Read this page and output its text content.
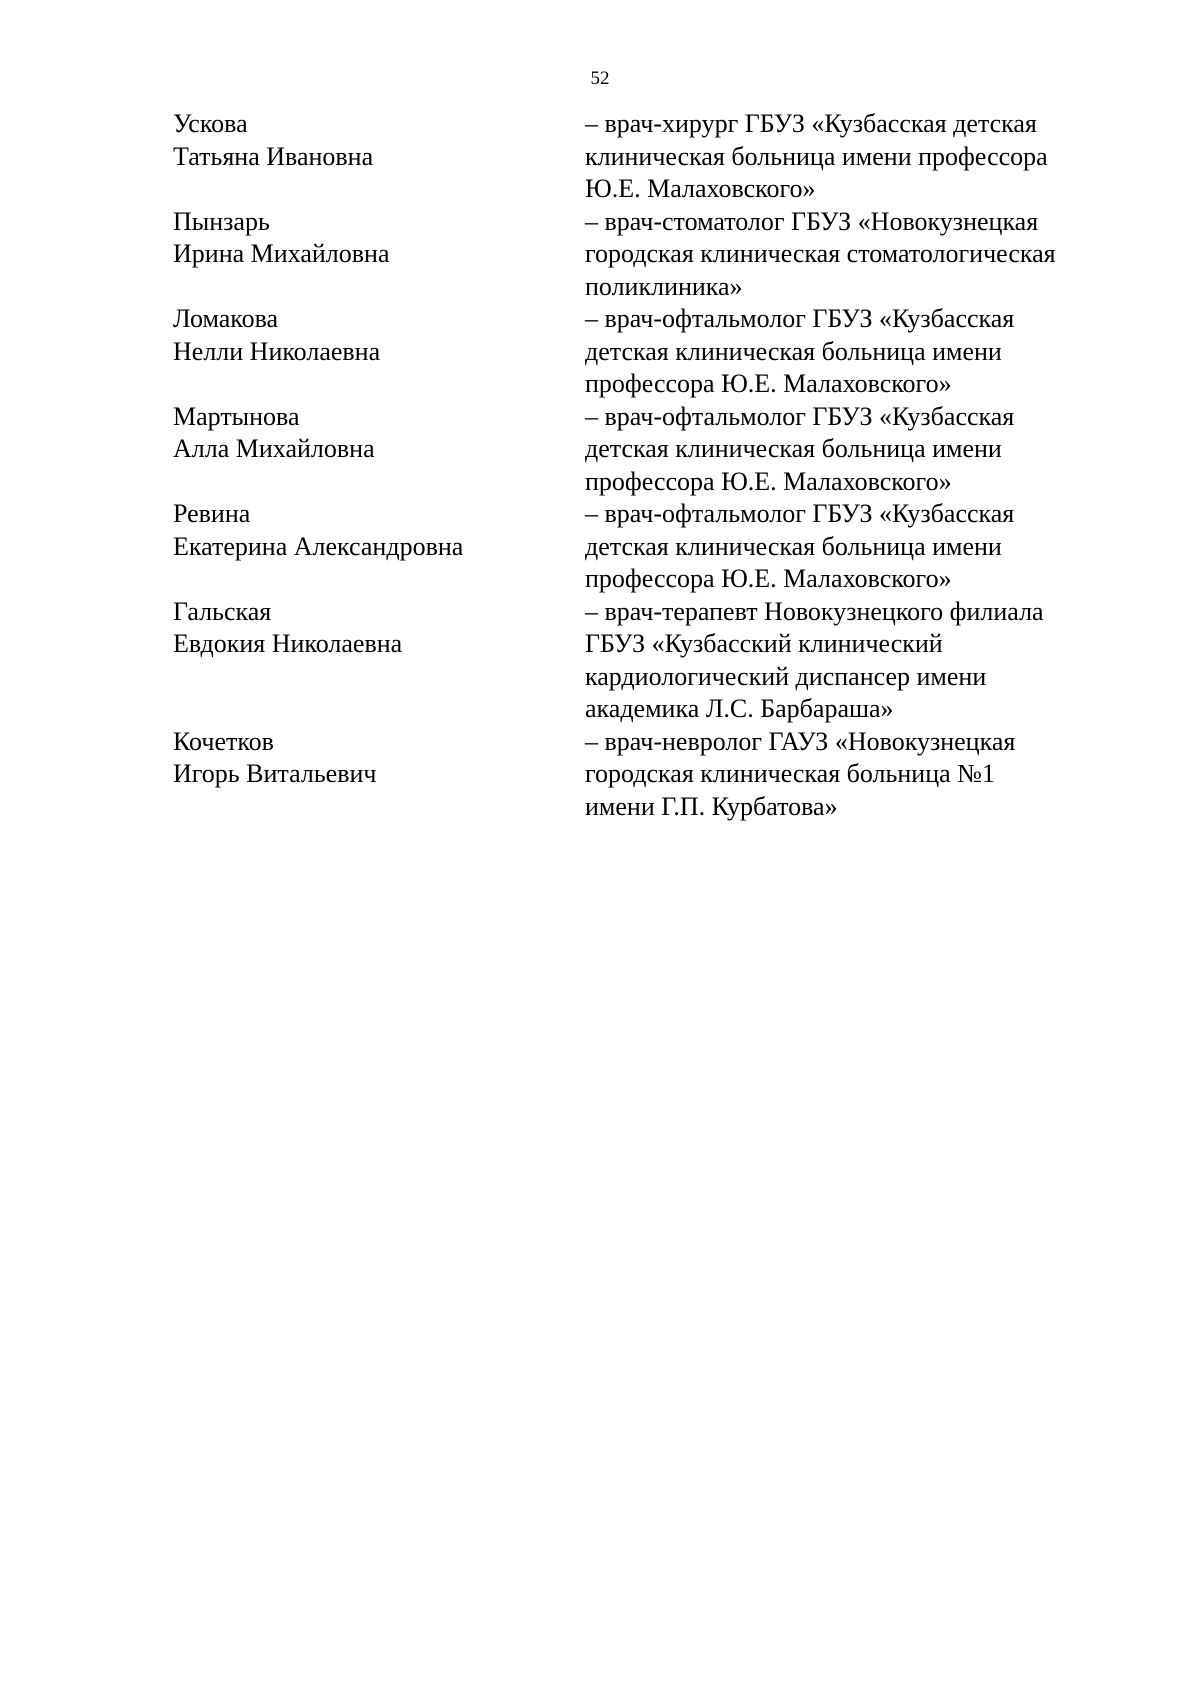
52
Ускова
Татьяна Ивановна
– врач-хирург ГБУЗ «Кузбасская детская
клиническая больница имени профессора
Ю.Е. Малаховского»
Пынзарь
Ирина Михайловна
– врач-стоматолог ГБУЗ «Новокузнецкая
городская клиническая стоматологическая
поликлиника»
Ломакова
Нелли Николаевна
– врач-офтальмолог ГБУЗ «Кузбасская
детская клиническая больница имени
профессора Ю.Е. Малаховского»
Мартынова
Алла Михайловна
– врач-офтальмолог ГБУЗ «Кузбасская
детская клиническая больница имени
профессора Ю.Е. Малаховского»
Ревина
Екатерина Александровна
– врач-офтальмолог ГБУЗ «Кузбасская
детская клиническая больница имени
профессора Ю.Е. Малаховского»
Гальская
Евдокия Николаевна
– врач-терапевт Новокузнецкого филиала
ГБУЗ «Кузбасский клинический
кардиологический диспансер имени
академика Л.С. Барбараша»
Кочетков
Игорь Витальевич
– врач-невролог ГАУЗ «Новокузнецкая
городская клиническая больница №1
имени Г.П. Курбатова»
